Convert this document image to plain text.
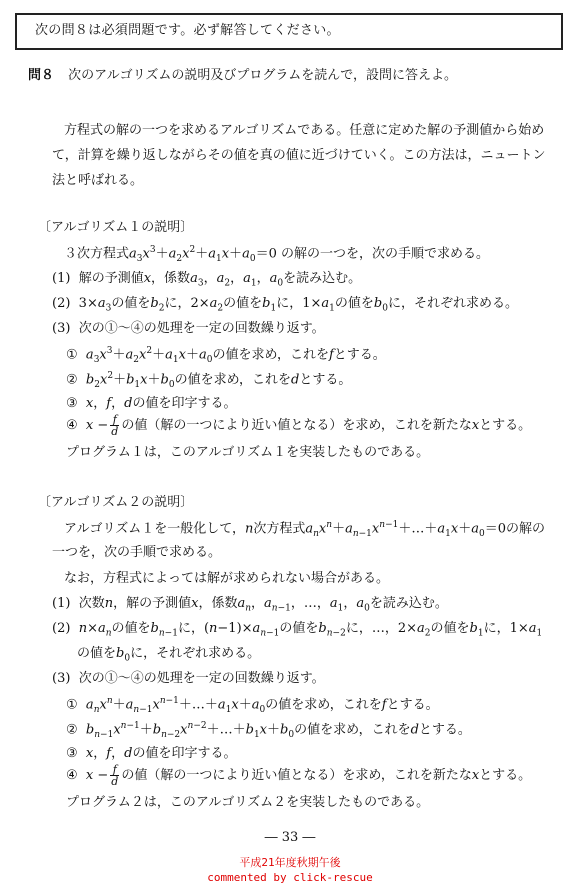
次の問８は必須問題です。必ず解答してください。
問８ 次のアルゴリズムの説明及びプログラムを読んで，設問に答えよ。
方程式の解の一つを求めるアルゴリズムである。任意に定めた解の予測値から始め
て，計算を繰り返しながらその値を真の値に近づけていく。この方法は，ニュートン
法と呼ばれる。
〔アルゴリズム１の説明〕
３次方程式$a_3x^3+a_2x^2+a_1x+a_0=0$ の解の一つを，次の手順で求める。
(1) 解の予測値x，係数$a_3$，$a_2$，$a_1$，$a_0$を読み込む。
(2)  $3\times a_3$の値を$b_2$に，$2\times a_2$の値を$b_1$に，$1\times a_1$の値を$b_0$に，それぞれ求める。
(3) 次の①～④の処理を一定の回数繰り返す。
① $a_3x^3+a_2x^2+a_1x+a_0$の値を求め，これをfとする。
② $b_2x^2+b_1x+b_0$の値を求め，これをdとする。
③ x，f，dの値を印字する。
④ $x - \frac{f}{d}$ の値（解の一つにより近い値となる）を求め，これを新たなxとする。
プログラム１は，このアルゴリズム１を実装したものである。
〔アルゴリズム２の説明〕
アルゴリズム１を一般化して，n次方程式$a_nx^n+a_{n-1}x^{n-1}+\dots+a_1x+a_0=0$の解の
一つを，次の手順で求める。
なお，方程式によっては解が求められない場合がある。
(1) 次数n，解の予測値x，係数$a_n$，$a_{n-1}$，…，$a_1$，$a_0$を読み込む。
(2) $n\times a_n$の値を$b_{n-1}$に，$(n-1)\times a_{n-1}$の値を$b_{n-2}$に，…，$2\times a_2$の値を$b_1$に，$1\times a_1$
の値を$b_0$に，それぞれ求める。
(3) 次の①～④の処理を一定の回数繰り返す。
① $a_nx^n+a_{n-1}x^{n-1}+\dots+a_1x+a_0$の値を求め，これをfとする。
② $b_{n-1}x^{n-1}+b_{n-2}x^{n-2}+\dots+b_1x+b_0$の値を求め，これをdとする。
③ x，f，dの値を印字する。
④ $x - \frac{f}{d}$ の値（解の一つにより近い値となる）を求め，これを新たなxとする。
プログラム２は，このアルゴリズム２を実装したものである。
― 33 ―
平成21年度秋期午後
commented by click-rescue
